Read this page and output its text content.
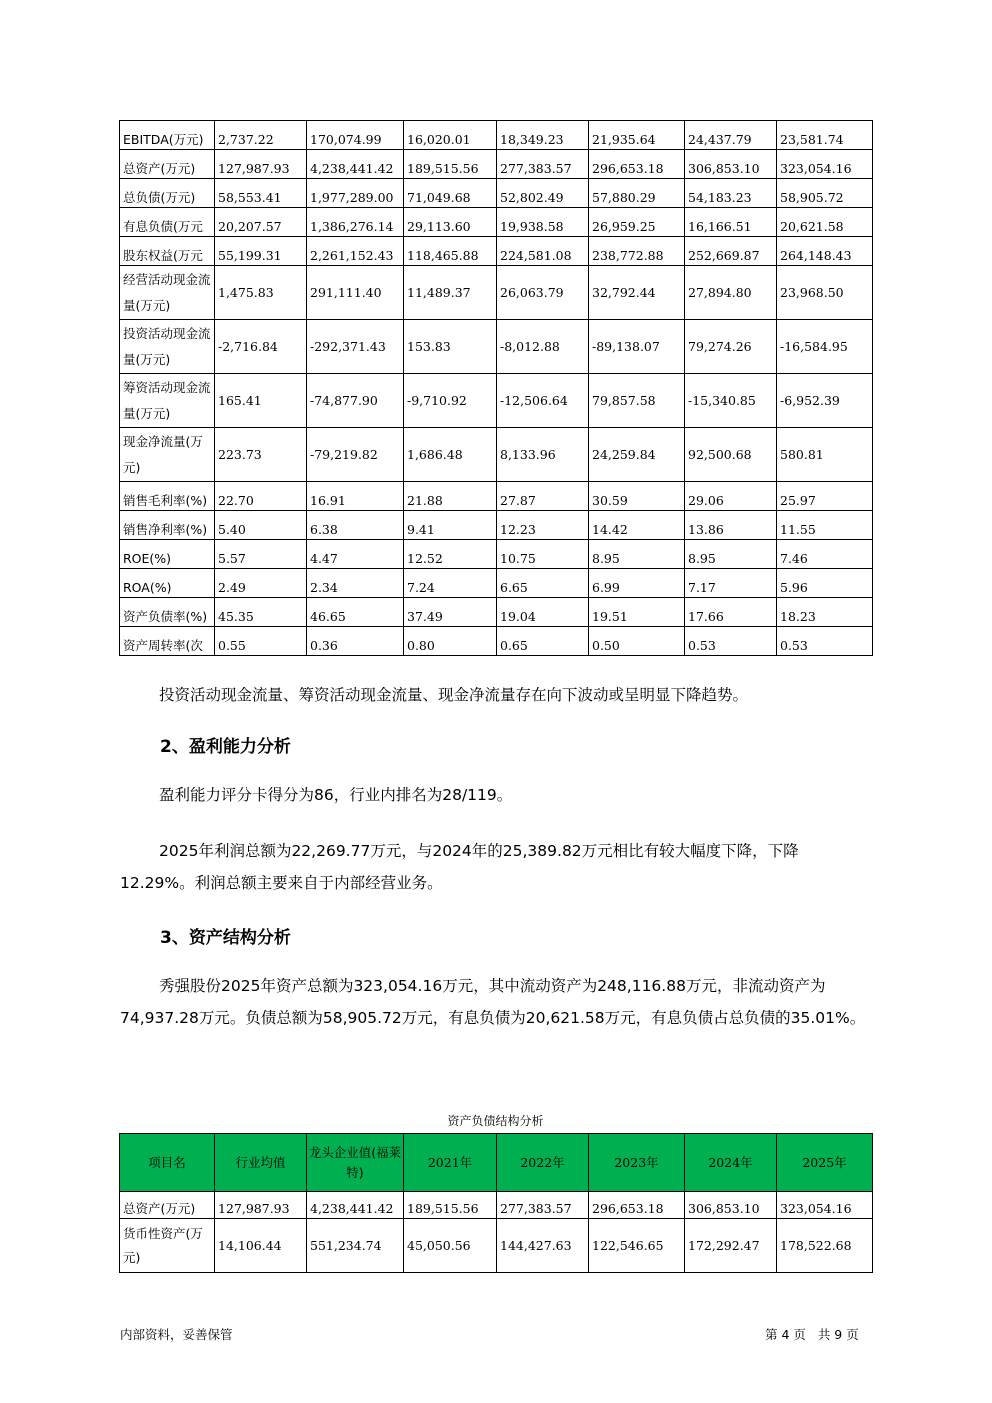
EBITDA(万元)	2,737.22	170,074.99	16,020.01	18,349.23	21,935.64	24,437.79	23,581.74
总资产(万元)	127,987.93	4,238,441.42	189,515.56	277,383.57	296,653.18	306,853.10	323,054.16
总负债(万元)	58,553.41	1,977,289.00	71,049.68	52,802.49	57,880.29	54,183.23	58,905.72
有息负债(万元	20,207.57	1,386,276.14	29,113.60	19,938.58	26,959.25	16,166.51	20,621.58
股东权益(万元	55,199.31	2,261,152.43	118,465.88	224,581.08	238,772.88	252,669.87	264,148.43
经营活动现金流量(万元)	1,475.83	291,111.40	11,489.37	26,063.79	32,792.44	27,894.80	23,968.50
投资活动现金流量(万元)	-2,716.84	-292,371.43	153.83	-8,012.88	-89,138.07	79,274.26	-16,584.95
筹资活动现金流量(万元)	165.41	-74,877.90	-9,710.92	-12,506.64	79,857.58	-15,340.85	-6,952.39
现金净流量(万元)	223.73	-79,219.82	1,686.48	8,133.96	24,259.84	92,500.68	580.81
销售毛利率(%)	22.70	16.91	21.88	27.87	30.59	29.06	25.97
销售净利率(%)	5.40	6.38	9.41	12.23	14.42	13.86	11.55
ROE(%)	5.57	4.47	12.52	10.75	8.95	8.95	7.46
ROA(%)	2.49	2.34	7.24	6.65	6.99	7.17	5.96
资产负债率(%)	45.35	46.65	37.49	19.04	19.51	17.66	18.23
资产周转率(次	0.55	0.36	0.80	0.65	0.50	0.53	0.53

投资活动现金流量、筹资活动现金流量、现金净流量存在向下波动或呈明显下降趋势。

2、盈利能力分析

盈利能力评分卡得分为86，行业内排名为28/119。

2025年利润总额为22,269.77万元，与2024年的25,389.82万元相比有较大幅度下降，下降12.29%。利润总额主要来自于内部经营业务。

3、资产结构分析

秀强股份2025年资产总额为323,054.16万元，其中流动资产为248,116.88万元，非流动资产为74,937.28万元。负债总额为58,905.72万元，有息负债为20,621.58万元，有息负债占总负债的35.01%。

资产负债结构分析
项目名	行业均值	龙头企业值(福莱特)	2021年	2022年	2023年	2024年	2025年
总资产(万元)	127,987.93	4,238,441.42	189,515.56	277,383.57	296,653.18	306,853.10	323,054.16
货币性资产(万元)	14,106.44	551,234.74	45,050.56	144,427.63	122,546.65	172,292.47	178,522.68
内部资料，妥善保管	第 4 页   共 9 页
